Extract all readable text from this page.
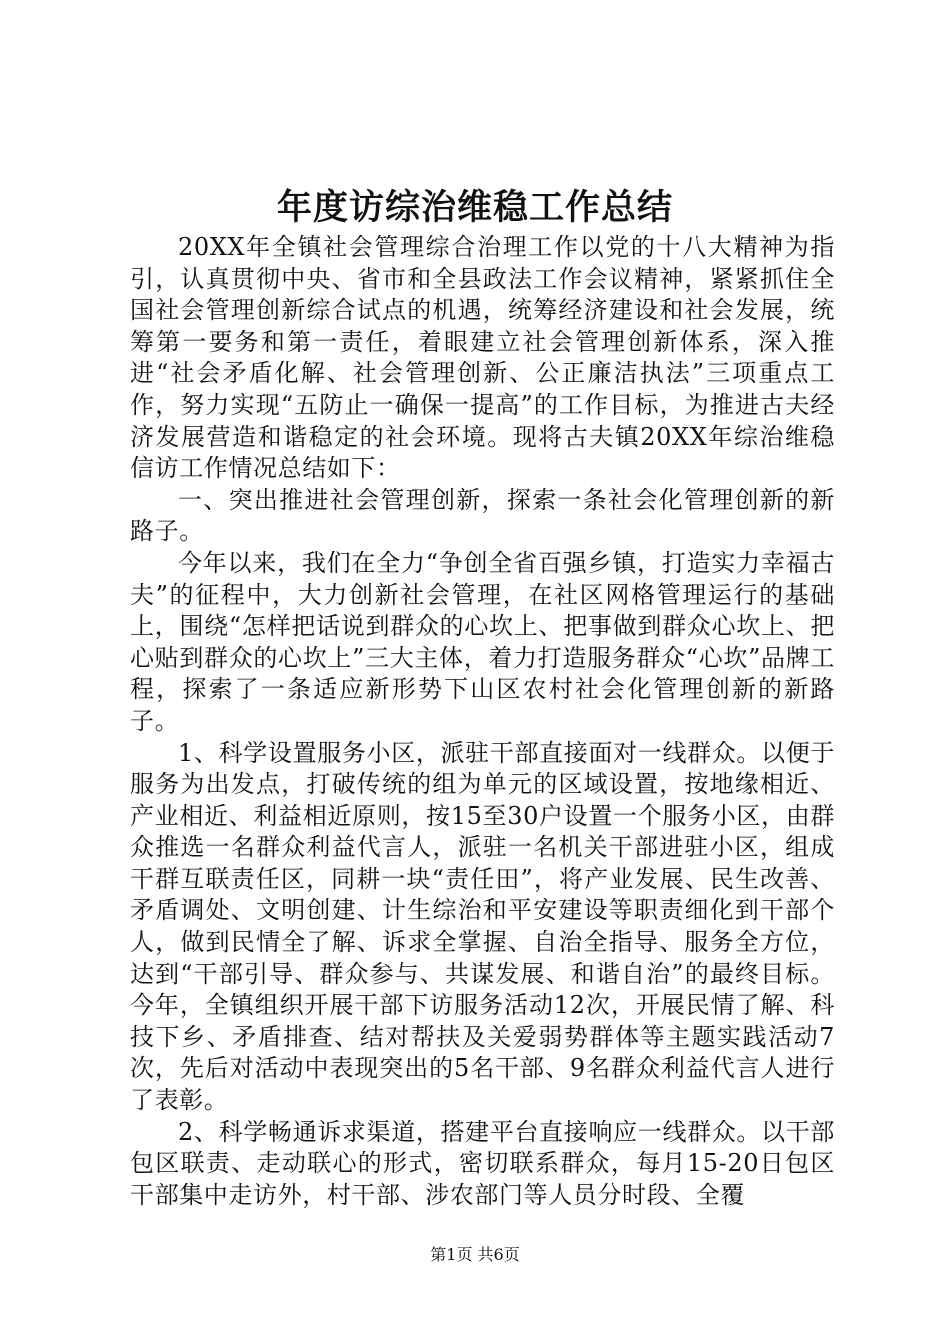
年度访综治维稳工作总结

20XX年全镇社会管理综合治理工作以党的十八大精神为指引，认真贯彻中央、省市和全县政法工作会议精神，紧紧抓住全国社会管理创新综合试点的机遇，统筹经济建设和社会发展，统筹第一要务和第一责任，着眼建立社会管理创新体系，深入推进“社会矛盾化解、社会管理创新、公正廉洁执法”三项重点工作，努力实现“五防止一确保一提高”的工作目标，为推进古夫经济发展营造和谐稳定的社会环境。现将古夫镇20XX年综治维稳信访工作情况总结如下：

一、突出推进社会管理创新，探索一条社会化管理创新的新路子。

今年以来，我们在全力“争创全省百强乡镇，打造实力幸福古夫”的征程中，大力创新社会管理，在社区网格管理运行的基础上，围绕“怎样把话说到群众的心坎上、把事做到群众心坎上、把心贴到群众的心坎上”三大主体，着力打造服务群众“心坎”品牌工程，探索了一条适应新形势下山区农村社会化管理创新的新路子。

1、科学设置服务小区，派驻干部直接面对一线群众。以便于服务为出发点，打破传统的组为单元的区域设置，按地缘相近、产业相近、利益相近原则，按15至30户设置一个服务小区，由群众推选一名群众利益代言人，派驻一名机关干部进驻小区，组成干群互联责任区，同耕一块“责任田”，将产业发展、民生改善、矛盾调处、文明创建、计生综治和平安建设等职责细化到干部个人，做到民情全了解、诉求全掌握、自治全指导、服务全方位，达到“干部引导、群众参与、共谋发展、和谐自治”的最终目标。今年，全镇组织开展干部下访服务活动12次，开展民情了解、科技下乡、矛盾排查、结对帮扶及关爱弱势群体等主题实践活动7次，先后对活动中表现突出的5名干部、9名群众利益代言人进行了表彰。

2、科学畅通诉求渠道，搭建平台直接响应一线群众。以干部包区联责、走动联心的形式，密切联系群众，每月15-20日包区干部集中走访外，村干部、涉农部门等人员分时段、全覆

第1页 共6页
